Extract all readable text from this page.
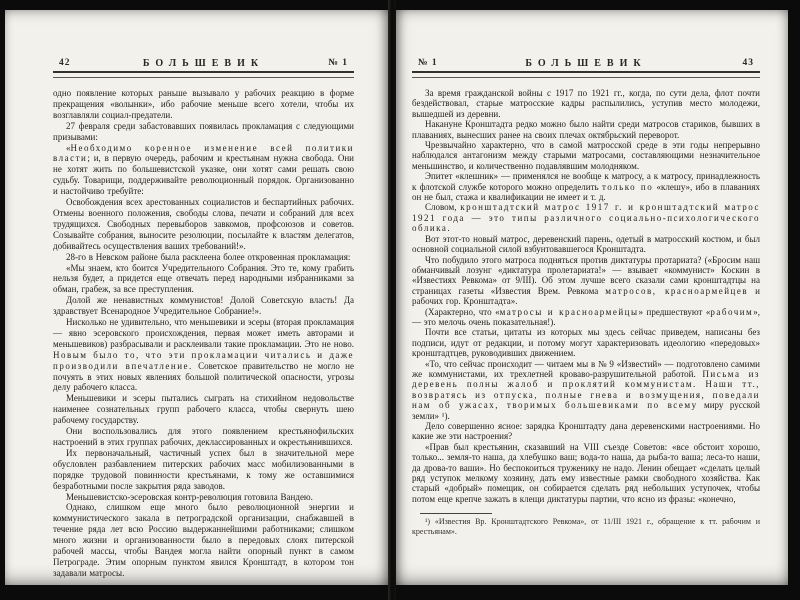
42	БОЛЬШЕВИК	№ 1

одно появление которых раньше вызывало у рабочих реакцию в форме прекращения «волынки», ибо рабочие меньше всего хотели, чтобы их возглавляли социал-предатели.

27 февраля среди забастовавших появилась прокламация с следующими призывами:

«Необходимо коренное изменение всей политики власти; и, в первую очередь, рабочим и крестьянам нужна свобода. Они не хотят жить по большевистской указке, они хотят сами решать свою судьбу. Товарищи, поддерживайте революционный порядок. Организованно и настойчиво требуйте:

Освобождения всех арестованных социалистов и беспартийных рабочих. Отмены военного положения, свободы слова, печати и собраний для всех трудящихся. Свободных перевыборов завкомов, профсоюзов и советов. Созывайте собрания, выносите резолюции, посылайте к властям делегатов, добивайтесь осуществления ваших требований!».

28-го в Невском районе была расклеена более откровенная прокламация:

«Мы знаем, кто боится Учредительного Собрания. Это те, кому грабить нельзя будет, а придется еще отвечать перед народными избранниками за обман, грабеж, за все преступления.

Долой же ненавистных коммунистов! Долой Советскую власть! Да здравствует Всенародное Учредительное Собрание!».

Нисколько не удивительно, что меньшевики и эсеры (вторая прокламация — явно эсеровского происхождения, первая может иметь авторами и меньшевиков) разбрасывали и расклеивали такие прокламации. Это не ново. Новым было то, что эти прокламации читались и даже производили впечатление. Советское правительство не могло не почуять в этих новых явлениях большой политической опасности, угрозы делу рабочего класса.

Меньшевики и эсеры пытались сыграть на стихийном недовольстве наименее сознательных групп рабочего класса, чтобы свернуть шею рабочему государству.

Они воспользовались для этого появлением крестьянофильских настроений в этих группах рабочих, деклассированных и окрестьянившихся.

Их первоначальный, частичный успех был в значительной мере обусловлен разбавлением питерских рабочих масс мобилизованными в порядке трудовой повинности крестьянами, к тому же оставшимися безработными после закрытия ряда заводов.

Меньшевистско-эсеровская контр-революция готовила Вандею.

Однако, слишком еще много было революционной энергии и коммунистического закала в петроградской организации, снабжавшей в течение ряда лет всю Россию выдержаннейшими работниками; слишком много жизни и организованности было в передовых слоях питерской рабочей массы, чтобы Вандея могла найти опорный пункт в самом Петрограде. Этим опорным пунктом явился Кронштадт, в котором тон задавали матросы.

№ 1	БОЛЬШЕВИК	43

За время гражданской войны с 1917 по 1921 гг., когда, по сути дела, флот почти бездействовал, старые матросские кадры распылились, уступив место молодежи, вышедшей из деревни.

Накануне Кронштадта редко можно было найти среди матросов стариков, бывших в плаваниях, вынесших ранее на своих плечах октябрьский переворот.

Чрезвычайно характерно, что в самой матросской среде в эти годы непрерывно наблюдался антагонизм между старыми матросами, составляющими незначительное меньшинство, и количественно подавлявшим молодняком.

Эпитет «клешник» — применялся не вообще к матросу, а к матросу, принадлежность к флотской службе которого можно определить только по «клешу», ибо в плаваниях он не был, стажа и квалификации не имеет и т. д.

Словом, кронштадтский матрос 1917 г. и кронштадтский матрос 1921 года — это типы различного социально-психологического облика.

Вот этот-то новый матрос, деревенский парень, одетый в матросский костюм, и был основной социальной силой взбунтовавшегося Кронштадта.

Что побудило этого матроса подняться против диктатуры протариата? («Бросим наш обманчивый лозунг «диктатура пролетариата!» — взывает «коммунист» Коскин в «Известиях Ревкома» от 9/III). Об этом лучше всего сказали сами кронштадтцы на страницах газеты «Известия Врем. Ревкома матросов, красноармейцев и рабочих гор. Кронштадта».

(Характерно, что «матросы и красноармейцы» предшествуют «рабочим», — это мелочь очень показательная!).

Почти все статьи, цитаты из которых мы здесь сейчас приведем, написаны без подписи, идут от редакции, и потому могут характеризовать идеологию «передовых» кронштадтцев, руководивших движением.

«То, что сейчас происходит — читаем мы в № 9 «Известий» — подготовлено самими же коммунистами, их трехлетней кроваво-разрушительной работой. Письма из деревень полны жалоб и проклятий коммунистам. Наши тт., возвратясь из отпуска, полные гнева и возмущения, поведали нам об ужасах, творимых большевиками по всему миру русской земли» ¹).

Дело совершенно ясное: зарядка Кронштадту дана деревенскими настроениями. Но какие же эти настроения?

«Прав был крестьянин, сказавший на VIII съезде Советов: «все обстоит хорошо, только... земля-то наша, да хлебушко ваш; вода-то наша, да рыба-то ваша; леса-то наши, да дрова-то ваши». Но беспокоиться труженику не надо. Ленин обещает «сделать целый ряд уступок мелкому хозяину, дать ему известные рамки свободного хозяйства. Как старый «добрый» помещик, он собирается сделать ряд небольших уступочек, чтобы потом еще крепче зажать в клещи диктатуры партии, что ясно из фразы: «конечно,

¹) «Известия Вр. Кронштадтского Ревкома», от 11/III 1921 г., обращение к тт. рабочим и крестьянам».
